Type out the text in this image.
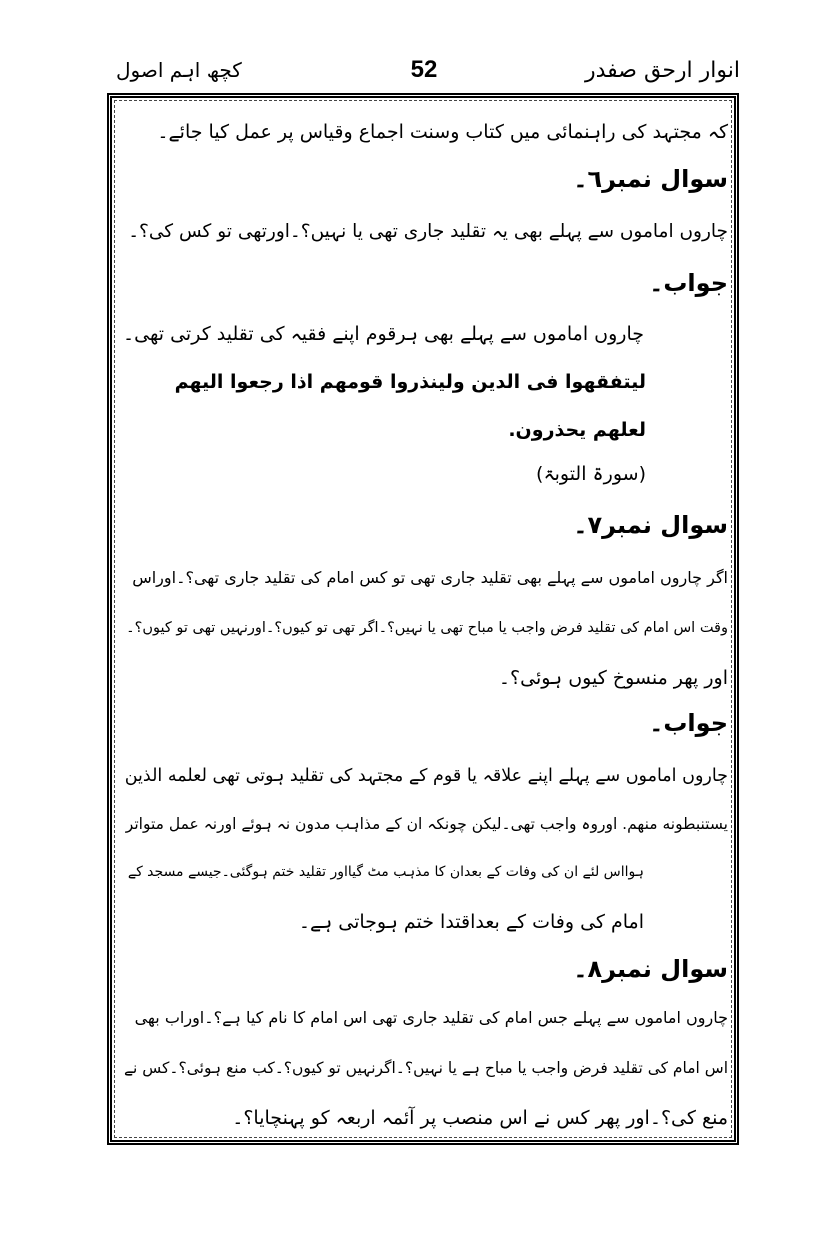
انوار ارحق صفدر
52
کچھ اہم اصول
کہ مجتہد کی راہنمائی میں کتاب وسنت اجماع وقیاس پر عمل کیا جائے۔
سوال نمبر٦۔
چاروں اماموں سے پہلے بھی یہ تقلید جاری تھی یا نہیں؟۔اورتھی تو کس کی؟۔
جواب۔
چاروں اماموں سے پہلے بھی ہرقوم اپنے فقیہ کی تقلید کرتی تھی۔
لیتفقهوا فی الدین ولینذروا قومهم اذا رجعوا الیهم
لعلهم یحذرون.
(سورۃ التوبۃ)
سوال نمبر٧۔
اگر چاروں اماموں سے پہلے بھی تقلید جاری تھی تو کس امام کی تقلید جاری تھی؟۔اوراس
وقت اس امام کی تقلید فرض واجب یا مباح تھی یا نہیں؟۔اگر تھی تو کیوں؟۔اورنہیں تھی تو کیوں؟۔
اور پھر منسوخ کیوں ہوئی؟۔
جواب۔
چاروں اماموں سے پہلے اپنے علاقہ یا قوم کے مجتہد کی تقلید ہوتی تھی لعلمه الذین
یستنبطونه منهم. اوروہ واجب تھی۔لیکن چونکہ ان کے مذاہب مدون نہ ہوئے اورنہ عمل متواتر
ہوااس لئے ان کی وفات کے بعدان کا مذہب مٹ گیااور تقلید ختم ہوگئی۔جیسے مسجد کے
امام کی وفات کے بعداقتدا ختم ہوجاتی ہے۔
سوال نمبر٨۔
چاروں اماموں سے پہلے جس امام کی تقلید جاری تھی اس امام کا نام کیا ہے؟۔اوراب بھی
اس امام کی تقلید فرض واجب یا مباح ہے یا نہیں؟۔اگرنہیں تو کیوں؟۔کب منع ہوئی؟۔کس نے
منع کی؟۔اور پھر کس نے اس منصب پر آئمہ اربعہ کو پہنچایا؟۔
